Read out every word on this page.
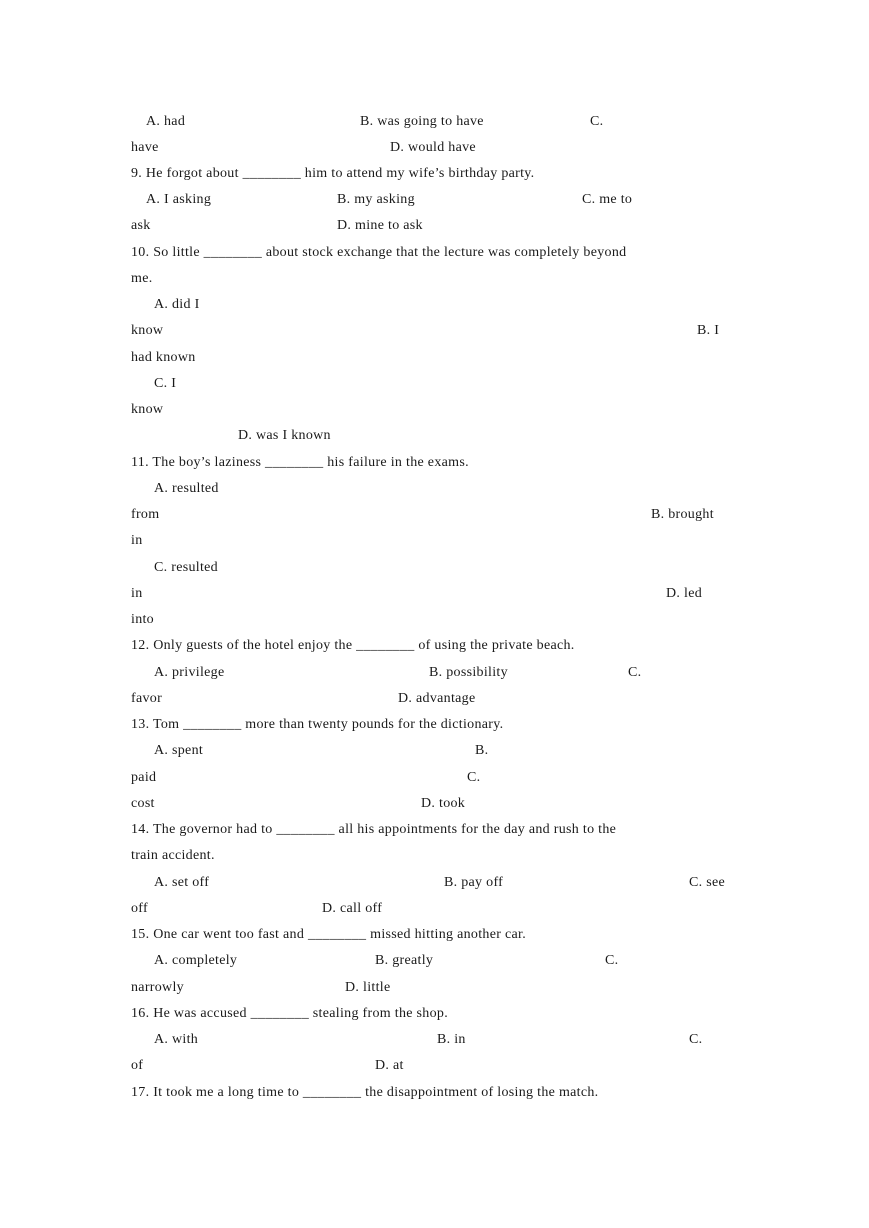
A. had	B. was going to have	C.
have	D. would have
9. He forgot about ________ him to attend my wife’s birthday party.
A. I asking	B. my asking	C. me to
ask	D. mine to ask
10. So little ________ about stock exchange that the lecture was completely beyond
me.
A. did I
know	B. I
had known
C. I
know
D. was I known
11. The boy’s laziness ________ his failure in the exams.
A. resulted
from	B. brought
in
C. resulted
in	D. led
into
12. Only guests of the hotel enjoy the ________ of using the private beach.
A. privilege	B. possibility	C.
favor	D. advantage
13. Tom ________ more than twenty pounds for the dictionary.
A. spent	B.
paid	C.
cost	D. took
14. The governor had to ________ all his appointments for the day and rush to the
train accident.
A. set off	B. pay off	C. see
off	D. call off
15. One car went too fast and ________ missed hitting another car.
A. completely	B. greatly	C.
narrowly	D. little
16. He was accused ________ stealing from the shop.
A. with	B. in	C.
of	D. at
17. It took me a long time to ________ the disappointment of losing the match.
